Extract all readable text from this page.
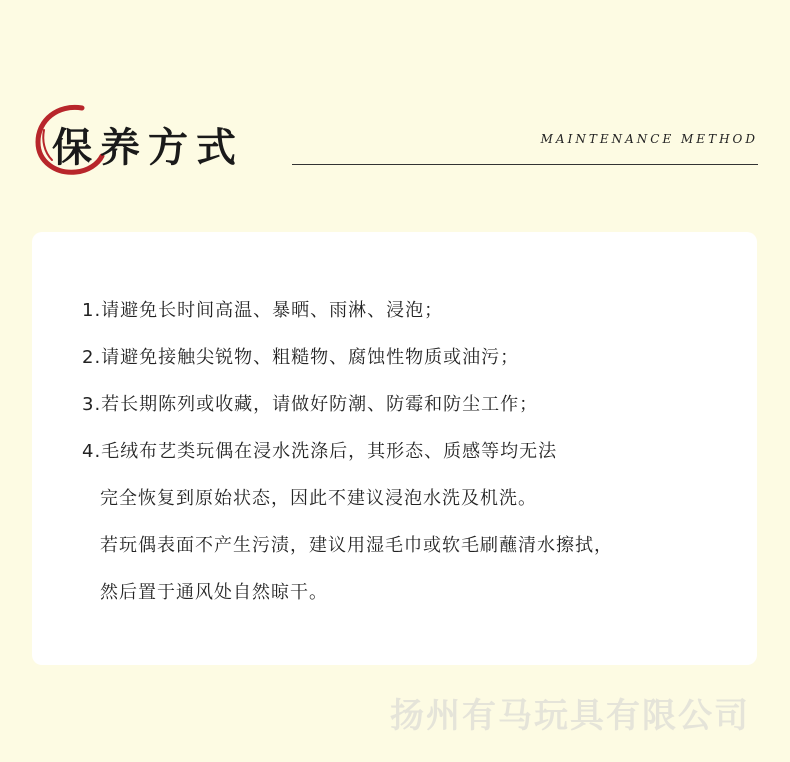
保养方式	MAINTENANCE METHOD
1.请避免长时间高温、暴晒、雨淋、浸泡；
2.请避免接触尖锐物、粗糙物、腐蚀性物质或油污；
3.若长期陈列或收藏，请做好防潮、防霉和防尘工作；
4.毛绒布艺类玩偶在浸水洗涤后，其形态、质感等均无法
完全恢复到原始状态，因此不建议浸泡水洗及机洗。
若玩偶表面不产生污渍，建议用湿毛巾或软毛刷蘸清水擦拭，
然后置于通风处自然晾干。
扬州有马玩具有限公司
